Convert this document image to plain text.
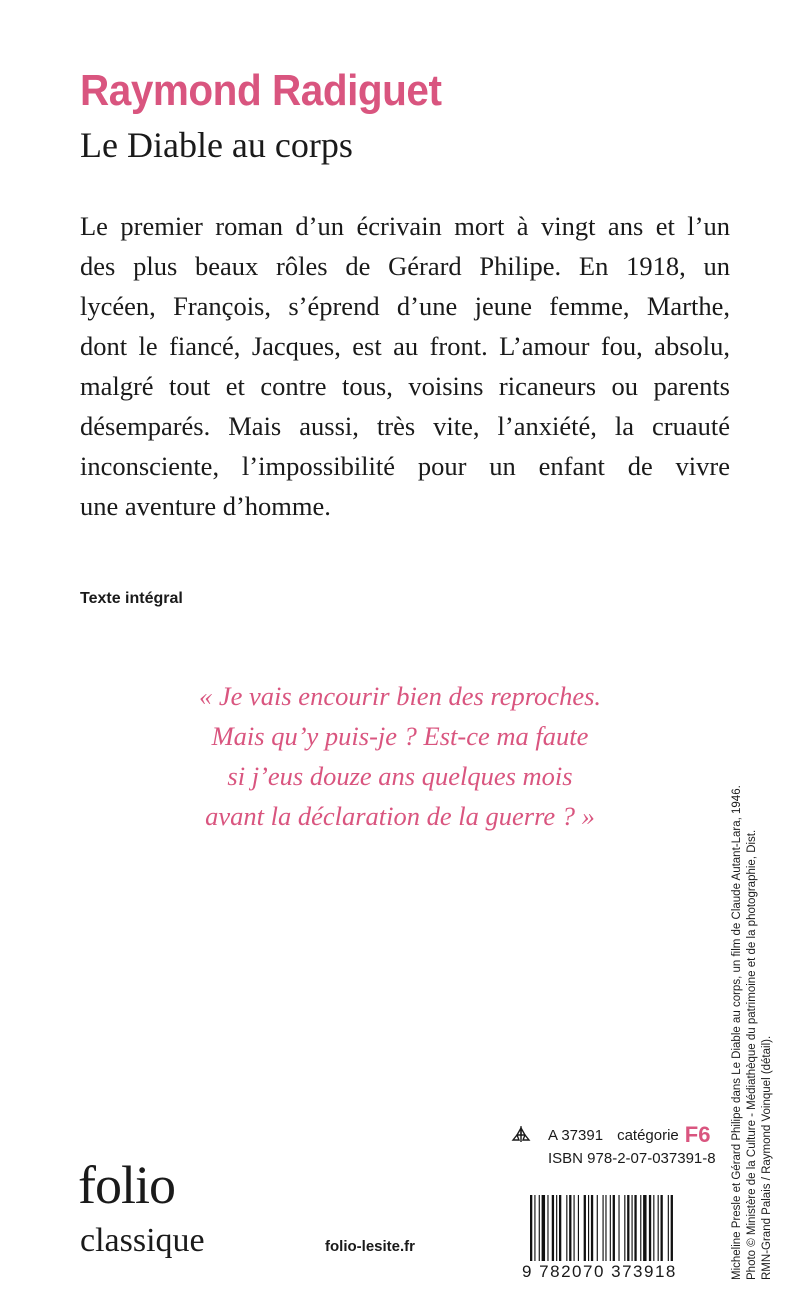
Raymond Radiguet
Le Diable au corps
Le premier roman d’un écrivain mort à vingt ans et l’un
des plus beaux rôles de Gérard Philipe. En 1918, un
lycéen, François, s’éprend d’une jeune femme, Marthe,
dont le fiancé, Jacques, est au front. L’amour fou, absolu,
malgré tout et contre tous, voisins ricaneurs ou parents
désemparés. Mais aussi, très vite, l’anxiété, la cruauté
inconsciente, l’impossibilité pour un enfant de vivre
une aventure d’homme.
Texte intégral
« Je vais encourir bien des reproches.
Mais qu’y puis-je ? Est-ce ma faute
si j’eus douze ans quelques mois
avant la déclaration de la guerre ? »	Micheline Presle et Gérard Philipe dans Le Diable au corps, un film de Claude Autant-Lara, 1946. Photo © Ministère de la Culture - Médiathèque du patrimoine et de la photographie, Dist. RMN-Grand Palais / Raymond Voinquel (détail).
A 37391 catégorie F6
ISBN 978-2-07-037391-8
9 782070 373918
folio
classique	folio-lesite.fr
